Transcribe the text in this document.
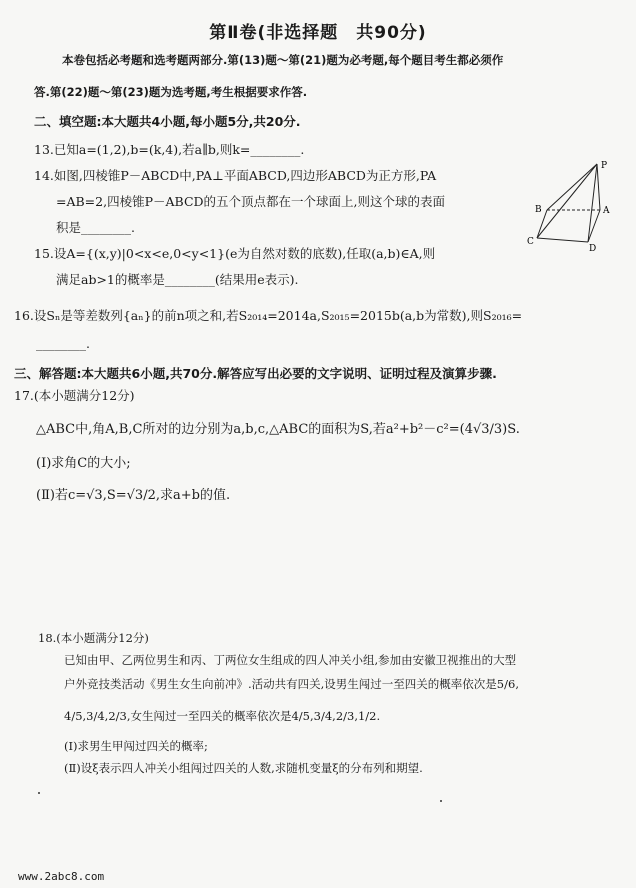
第Ⅱ卷(非选择题　共90分)
本卷包括必考题和选考题两部分.第(13)题～第(21)题为必考题,每个题目考生都必须作
答.第(22)题～第(23)题为选考题,考生根据要求作答.
二、填空题:本大题共4小题,每小题5分,共20分.
13.已知a=(1,2),b=(k,4),若a∥b,则k=________.
14.如图,四棱锥P－ABCD中,PA⊥平面ABCD,四边形ABCD为正方形,PA
=AB=2,四棱锥P－ABCD的五个顶点都在一个球面上,则这个球的表面
积是________.
P
B	A
C
D
15.设A={(x,y)|0<x<e,0<y<1}(e为自然对数的底数),任取(a,b)∈A,则
满足ab>1的概率是________(结果用e表示).
16.设Sₙ是等差数列{aₙ}的前n项之和,若S₂₀₁₄=2014a,S₂₀₁₅=2015b(a,b为常数),则S₂₀₁₆=
________.
三、解答题:本大题共6小题,共70分.解答应写出必要的文字说明、证明过程及演算步骤.
17.(本小题满分12分)
△ABC中,角A,B,C所对的边分别为a,b,c,△ABC的面积为S,若a²+b²－c²=(4√3/3)S.
(Ⅰ)求角C的大小;
(Ⅱ)若c=√3,S=√3/2,求a+b的值.
18.(本小题满分12分)
已知由甲、乙两位男生和丙、丁两位女生组成的四人冲关小组,参加由安徽卫视推出的大型
户外竞技类活动《男生女生向前冲》.活动共有四关,设男生闯过一至四关的概率依次是5/6,
4/5,3/4,2/3,女生闯过一至四关的概率依次是4/5,3/4,2/3,1/2.
(Ⅰ)求男生甲闯过四关的概率;
(Ⅱ)设ξ表示四人冲关小组闯过四关的人数,求随机变量ξ的分布列和期望.
www.2abc8.com
